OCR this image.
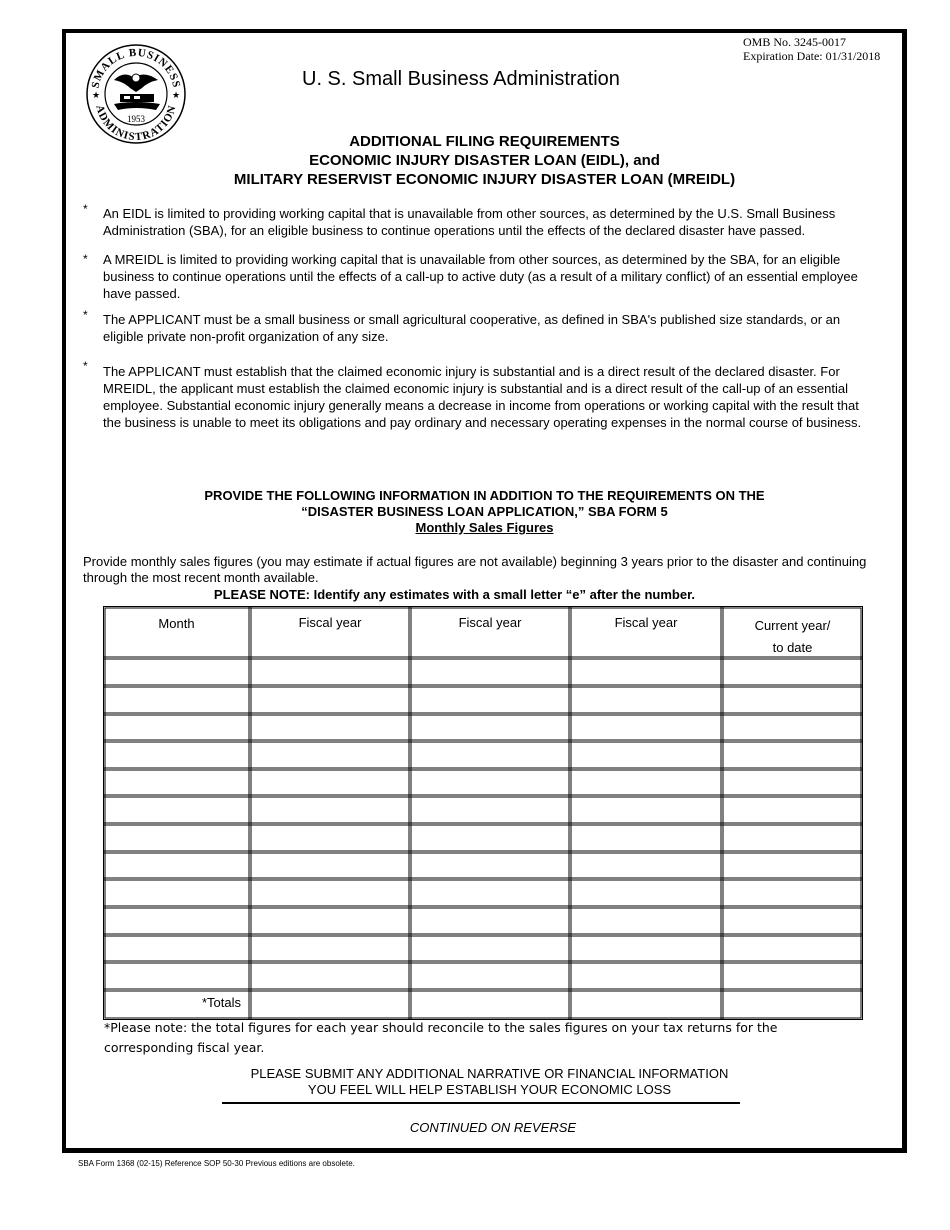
OMB No. 3245-0017
Expiration Date: 01/31/2018
SMALL BUSINESS
ADMINISTRATION
★	★
1953
U. S. Small Business Administration
ADDITIONAL FILING REQUIREMENTS
ECONOMIC INJURY DISASTER LOAN (EIDL), and
MILITARY RESERVIST ECONOMIC INJURY DISASTER LOAN (MREIDL)
* An EIDL is limited to providing working capital that is unavailable from other sources, as determined by the U.S. Small Business Administration (SBA), for an eligible business to continue operations until the effects of the declared disaster have passed.
* A MREIDL is limited to providing working capital that is unavailable from other sources, as determined by the SBA, for an eligible business to continue operations until the effects of a call-up to active duty (as a result of a military conflict) of an essential employee have passed.
* The APPLICANT must be a small business or small agricultural cooperative, as defined in SBA's published size standards, or an eligible private non-profit organization of any size.
* The APPLICANT must establish that the claimed economic injury is substantial and is a direct result of the declared disaster. For MREIDL, the applicant must establish the claimed economic injury is substantial and is a direct result of the call-up of an essential employee. Substantial economic injury generally means a decrease in income from operations or working capital with the result that the business is unable to meet its obligations and pay ordinary and necessary operating expenses in the normal course of business.
PROVIDE THE FOLLOWING INFORMATION IN ADDITION TO THE REQUIREMENTS ON THE
“DISASTER BUSINESS LOAN APPLICATION,” SBA FORM 5
Monthly Sales Figures
Provide monthly sales figures (you may estimate if actual figures are not available) beginning 3 years prior to the disaster and continuing through the most recent month available.
PLEASE NOTE: Identify any estimates with a small letter “e” after the number.
Month	Fiscal year	Fiscal year	Fiscal year	Current year/
to date
*Totals
*Please note: the total figures for each year should reconcile to the sales figures on your tax returns for the corresponding fiscal year.
PLEASE SUBMIT ANY ADDITIONAL NARRATIVE OR FINANCIAL INFORMATION
YOU FEEL WILL HELP ESTABLISH YOUR ECONOMIC LOSS
CONTINUED ON REVERSE
SBA Form 1368 (02-15) Reference SOP 50-30 Previous editions are obsolete.
